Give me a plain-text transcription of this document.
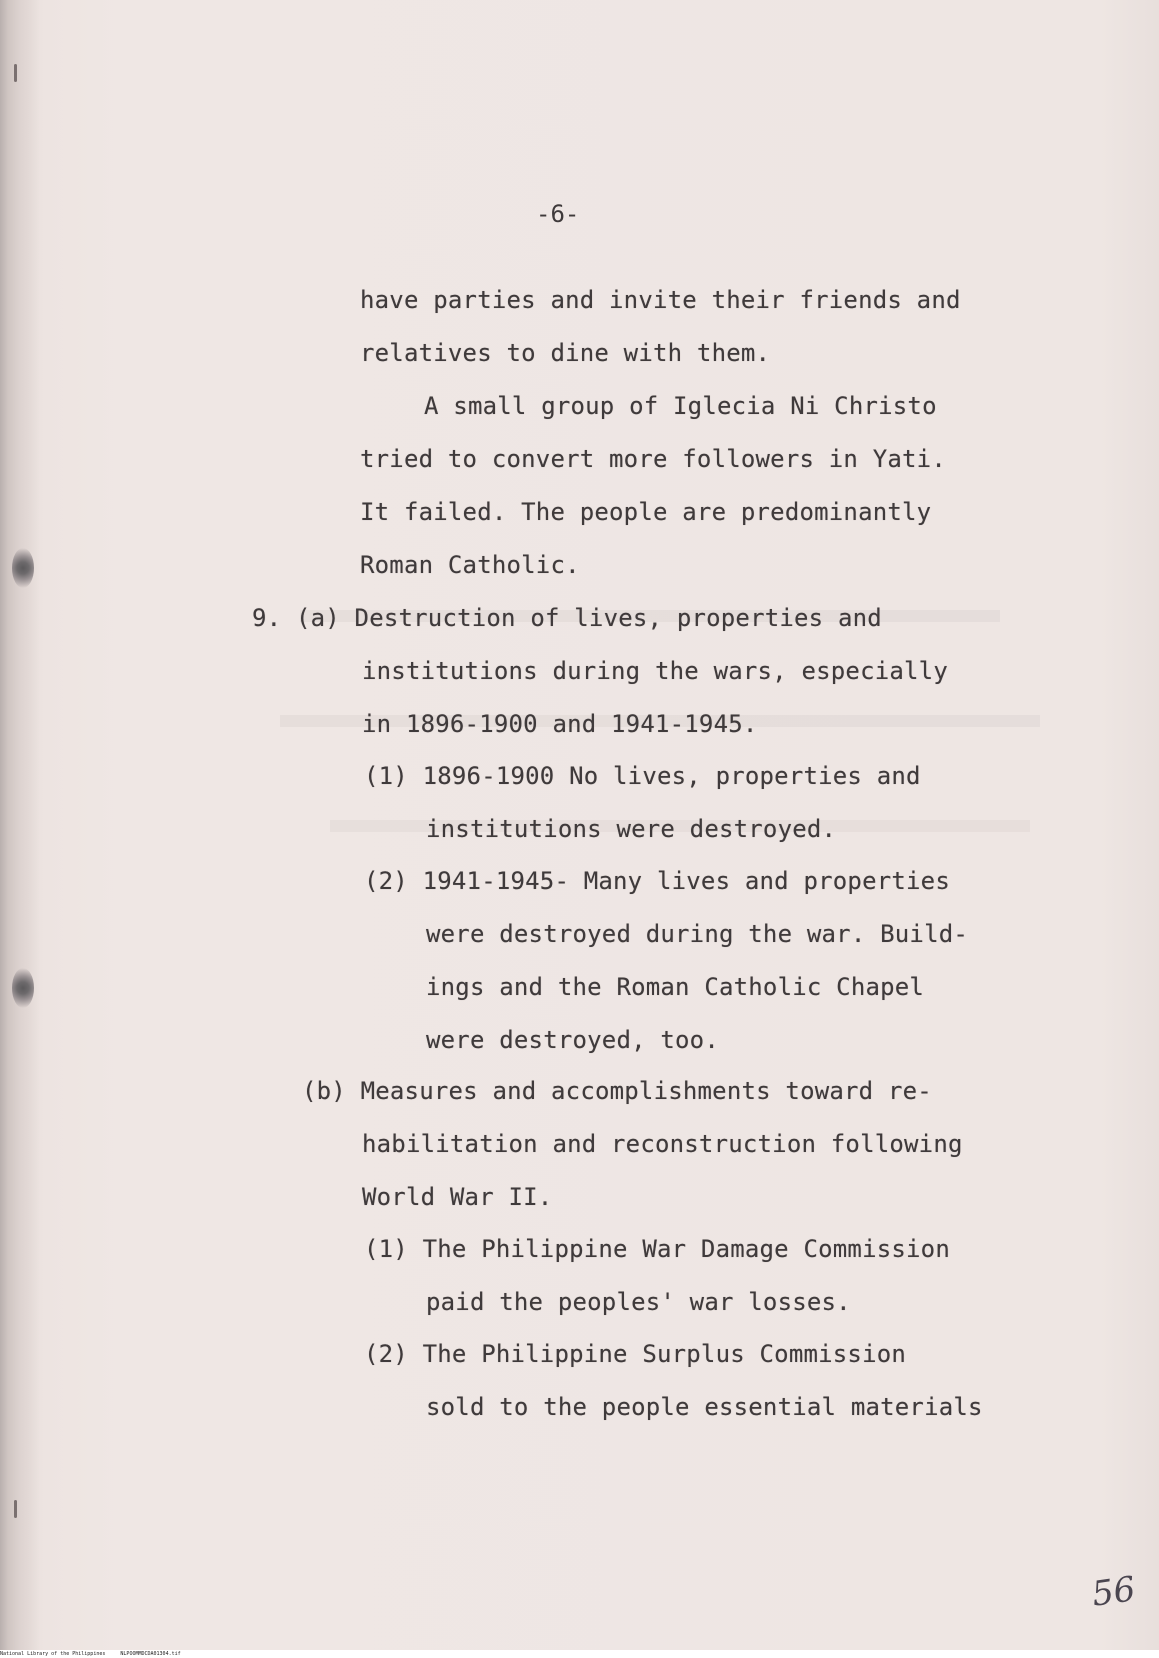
-6-
have parties and invite their friends and
relatives to dine with them.
A small group of Iglecia Ni Christo
tried to convert more followers in Yati.
It failed. The people are predominantly
Roman Catholic.
9. (a) Destruction of lives, properties and
institutions during the wars, especially
in 1896-1900 and 1941-1945.
(1) 1896-1900 No lives, properties and
institutions were destroyed.
(2) 1941-1945- Many lives and properties
were destroyed during the war. Build-
ings and the Roman Catholic Chapel
were destroyed, too.
(b) Measures and accomplishments toward re-
habilitation and reconstruction following
World War II.
(1) The Philippine War Damage Commission
paid the peoples' war losses.
(2) The Philippine Surplus Commission
sold to the people essential materials
56
National Library of the Philippines     NLPOOMMDCDA01304.tif
